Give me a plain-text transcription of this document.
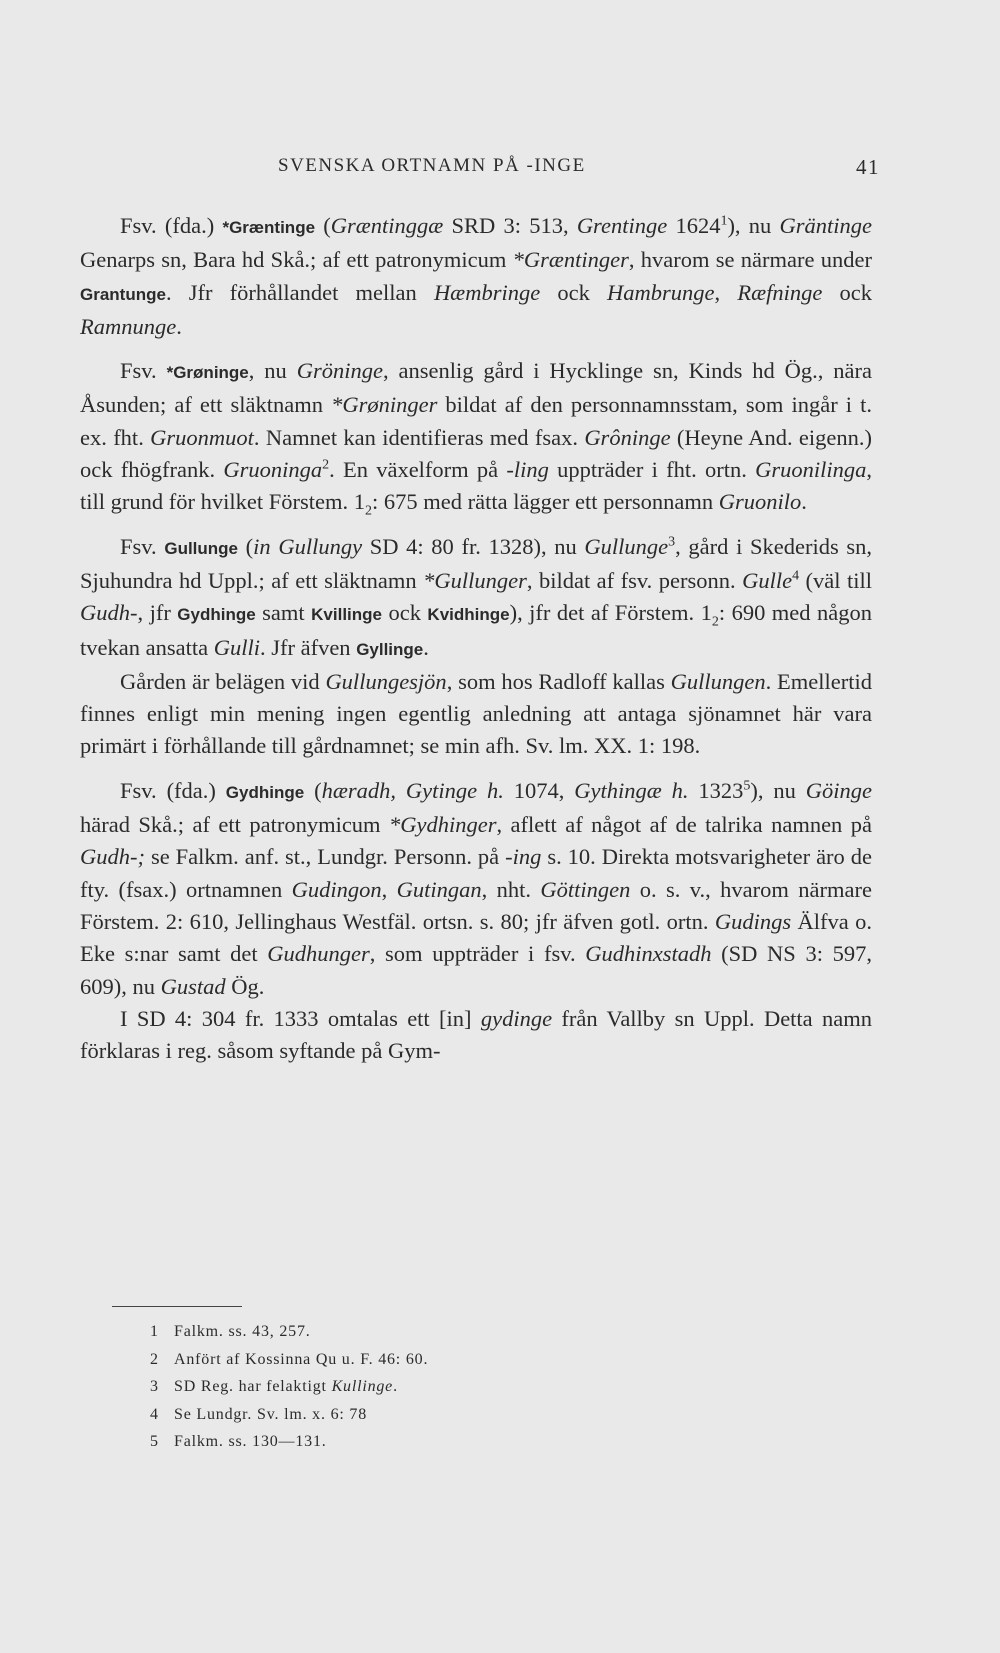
SVENSKA ORTNAMN PÅ -INGE	41

Fsv. (fda.) *Græntinge (Græntinggæ SRD 3: 513, Grentinge 1624$^1$), nu Gräntinge Genarps sn, Bara hd Skå.; af ett patronymicum *Græntinger, hvarom se närmare under Grantunge. Jfr förhållandet mellan Hæmbringe ock Hambrunge, Ræfninge ock Ramnunge.

Fsv. *Grøninge, nu Gröninge, ansenlig gård i Hycklinge sn, Kinds hd Ög., nära Åsunden; af ett släktnamn *Grøninger bildat af den personnamnsstam, som ingår i t. ex. fht. Gruonmuot. Namnet kan identifieras med fsax. Grôninge (Heyne And. eigenn.) ock fhögfrank. Gruoninga$^2$. En växelform på -ling uppträder i fht. ortn. Gruonilinga, till grund för hvilket Förstem. $1_2$: 675 med rätta lägger ett personnamn Gruonilo.

Fsv. Gullunge (in Gullungy SD 4: 80 fr. 1328), nu Gullunge$^3$, gård i Skederids sn, Sjuhundra hd Uppl.; af ett släktnamn *Gullunger, bildat af fsv. personn. Gulle$^4$ (väl till Gudh-, jfr Gydhinge samt Kvillinge ock Kvidhinge), jfr det af Förstem. $1_2$: 690 med någon tvekan ansatta Gulli. Jfr äfven Gyllinge.

Gården är belägen vid Gullungesjön, som hos Radloff kallas Gullungen. Emellertid finnes enligt min mening ingen egentlig anledning att antaga sjönamnet här vara primärt i förhållande till gårdnamnet; se min afh. Sv. lm. XX. 1: 198.

Fsv. (fda.) Gydhinge (hæradh, Gytinge h. 1074, Gythingæ h. 1323$^5$), nu Göinge härad Skå.; af ett patronymicum *Gydhinger, aflett af något af de talrika namnen på Gudh-; se Falkm. anf. st., Lundgr. Personn. på -ing s. 10. Direkta motsvarigheter äro de fty. (fsax.) ortnamnen Gudingon, Gutingan, nht. Göttingen o. s. v., hvarom närmare Förstem. 2: 610, Jellinghaus Westfäl. ortsn. s. 80; jfr äfven gotl. ortn. Gudings Älfva o. Eke s:nar samt det Gudhunger, som uppträder i fsv. Gudhinxstadh (SD NS 3: 597, 609), nu Gustad Ög.

I SD 4: 304 fr. 1333 omtalas ett [in] gydinge från Vallby sn Uppl. Detta namn förklaras i reg. såsom syftande på Gym-

1 Falkm. ss. 43, 257.

2 Anfört af Kossinna Qu u. F. 46: 60.

3 SD Reg. har felaktigt Kullinge.

4 Se Lundgr. Sv. lm. x. 6: 78

5 Falkm. ss. 130—131.
